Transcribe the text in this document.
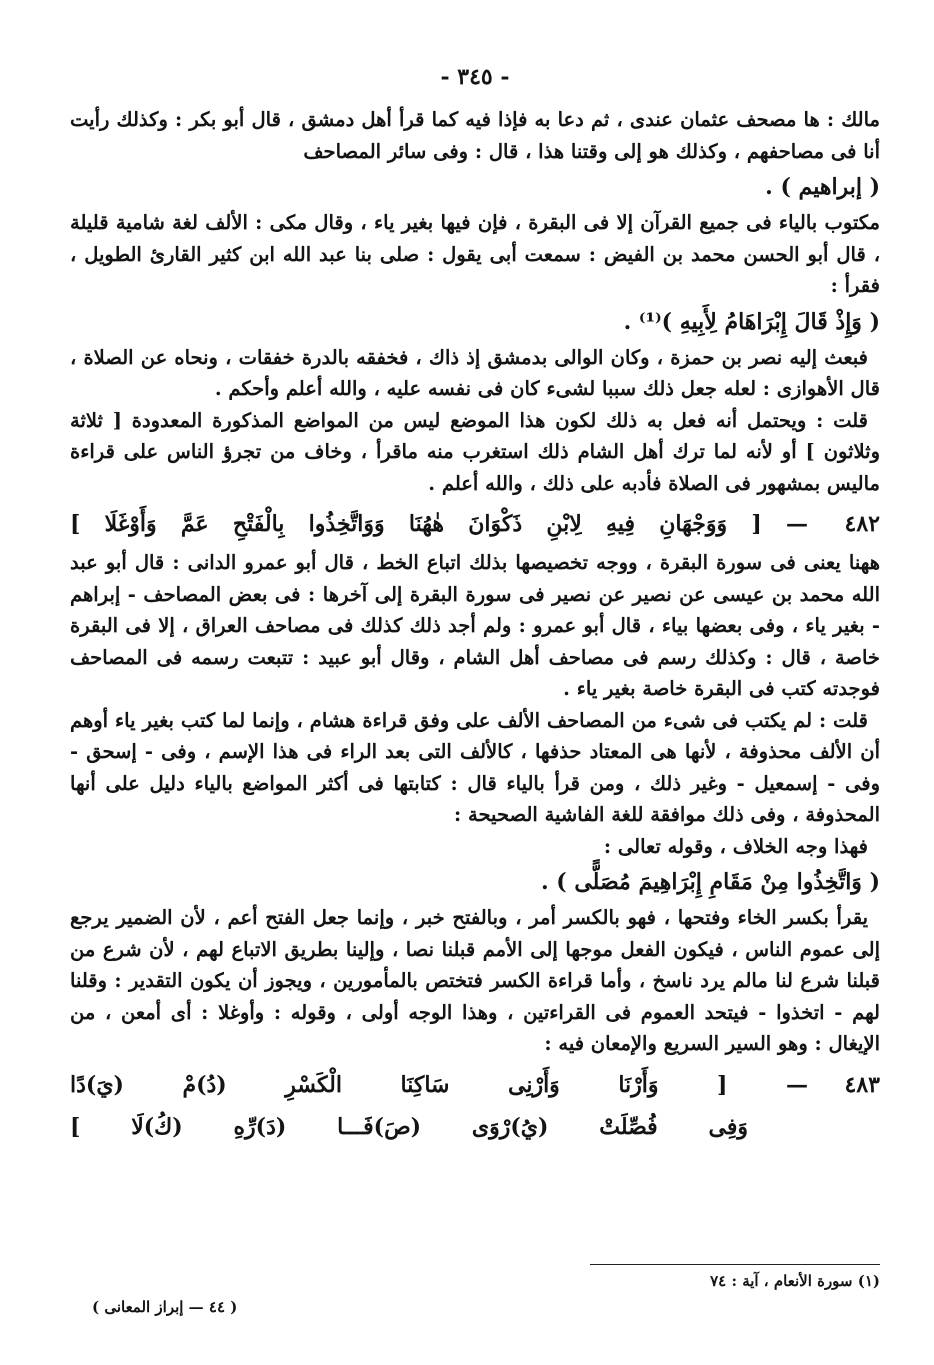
- ٣٤٥ -

مالك : ها مصحف عثمان عندى ، ثم دعا به فإذا فيه كما قرأ أهل دمشق ، قال أبو بكر : وكذلك رأيت أنا فى مصاحفهم ، وكذلك هو إلى وقتنا هذا ، قال : وفى سائر المصاحف

( إبراهيم ) .

مكتوب بالياء فى جميع القرآن إلا فى البقرة ، فإن فيها بغير ياء ، وقال مكى : الألف لغة شامية قليلة ، قال أبو الحسن محمد بن الفيض : سمعت أبى يقول : صلى بنا عبد الله ابن كثير القارئ الطويل ، فقرأ :

( وَإِذْ قَالَ إِبْرَاهَامُ لِأَبِيهِ )⁽¹⁾ .

فبعث إليه نصر بن حمزة ، وكان الوالى بدمشق إذ ذاك ، فخفقه بالدرة خفقات ، ونحاه عن الصلاة ، قال الأهوازى : لعله جعل ذلك سببا لشىء كان فى نفسه عليه ، والله أعلم وأحكم .

قلت : ويحتمل أنه فعل به ذلك لكون هذا الموضع ليس من المواضع المذكورة المعدودة [ ثلاثة وثلاثون ] أو لأنه لما ترك أهل الشام ذلك استغرب منه ماقرأ ، وخاف من تجرؤ الناس على قراءة ماليس بمشهور فى الصلاة فأدبه على ذلك ، والله أعلم .

٤٨٢
— [ وَوَجْهَانِ فِيهِ لِابْنِ ذَكْوَانَ هٰهُنَا وَوَاتَّخِذُوا بِالْفَتْحِ عَمَّ وَأَوْغَلَا ]

ههنا يعنى فى سورة البقرة ، ووجه تخصيصها بذلك اتباع الخط ، قال أبو عمرو الدانى : قال أبو عبد الله محمد بن عيسى عن نصير عن نصير فى سورة البقرة إلى آخرها : فى بعض المصاحف - إبراهم - بغير ياء ، وفى بعضها بياء ، قال أبو عمرو : ولم أجد ذلك كذلك فى مصاحف العراق ، إلا فى البقرة خاصة ، قال : وكذلك رسم فى مصاحف أهل الشام ، وقال أبو عبيد : تتبعت رسمه فى المصاحف فوجدته كتب فى البقرة خاصة بغير ياء .

قلت : لم يكتب فى شىء من المصاحف الألف على وفق قراءة هشام ، وإنما لما كتب بغير ياء أوهم أن الألف محذوفة ، لأنها هى المعتاد حذفها ، كالألف التى بعد الراء فى هذا الإسم ، وفى - إسحق - وفى - إسمعيل - وغير ذلك ، ومن قرأ بالياء قال : كتابتها فى أكثر المواضع بالياء دليل على أنها المحذوفة ، وفى ذلك موافقة للغة الفاشية الصحيحة :

فهذا وجه الخلاف ، وقوله تعالى :

( وَاتَّخِذُوا مِنْ مَقَامِ إِبْرَاهِيمَ مُصَلًّى ) .

يقرأ بكسر الخاء وفتحها ، فهو بالكسر أمر ، وبالفتح خبر ، وإنما جعل الفتح أعم ، لأن الضمير يرجع إلى عموم الناس ، فيكون الفعل موجها إلى الأمم قبلنا نصا ، وإلينا بطريق الاتباع لهم ، لأن شرع من قبلنا شرع لنا مالم يرد ناسخ ، وأما قراءة الكسر فتختص بالمأمورين ، ويجوز أن يكون التقدير : وقلنا لهم - اتخذوا - فيتحد العموم فى القراءتين ، وهذا الوجه أولى ، وقوله : وأوغلا : أى أمعن ، من الإيغال : وهو السير السريع والإمعان فيه :

٤٨٣
— [ وَأَرْنَا وَأَرْنِى سَاكِنَا الْكَسْرِ (دُ)مْ (يَ)دًا
وَفِى فُصِّلَتْ (يُ)رْوَى (صَ)فَـــا (دَ)رِّهِ (كُ)لَا ]
(١) سورة الأنعام ، آية : ٧٤
( ٤٤ — إبراز المعانى )
